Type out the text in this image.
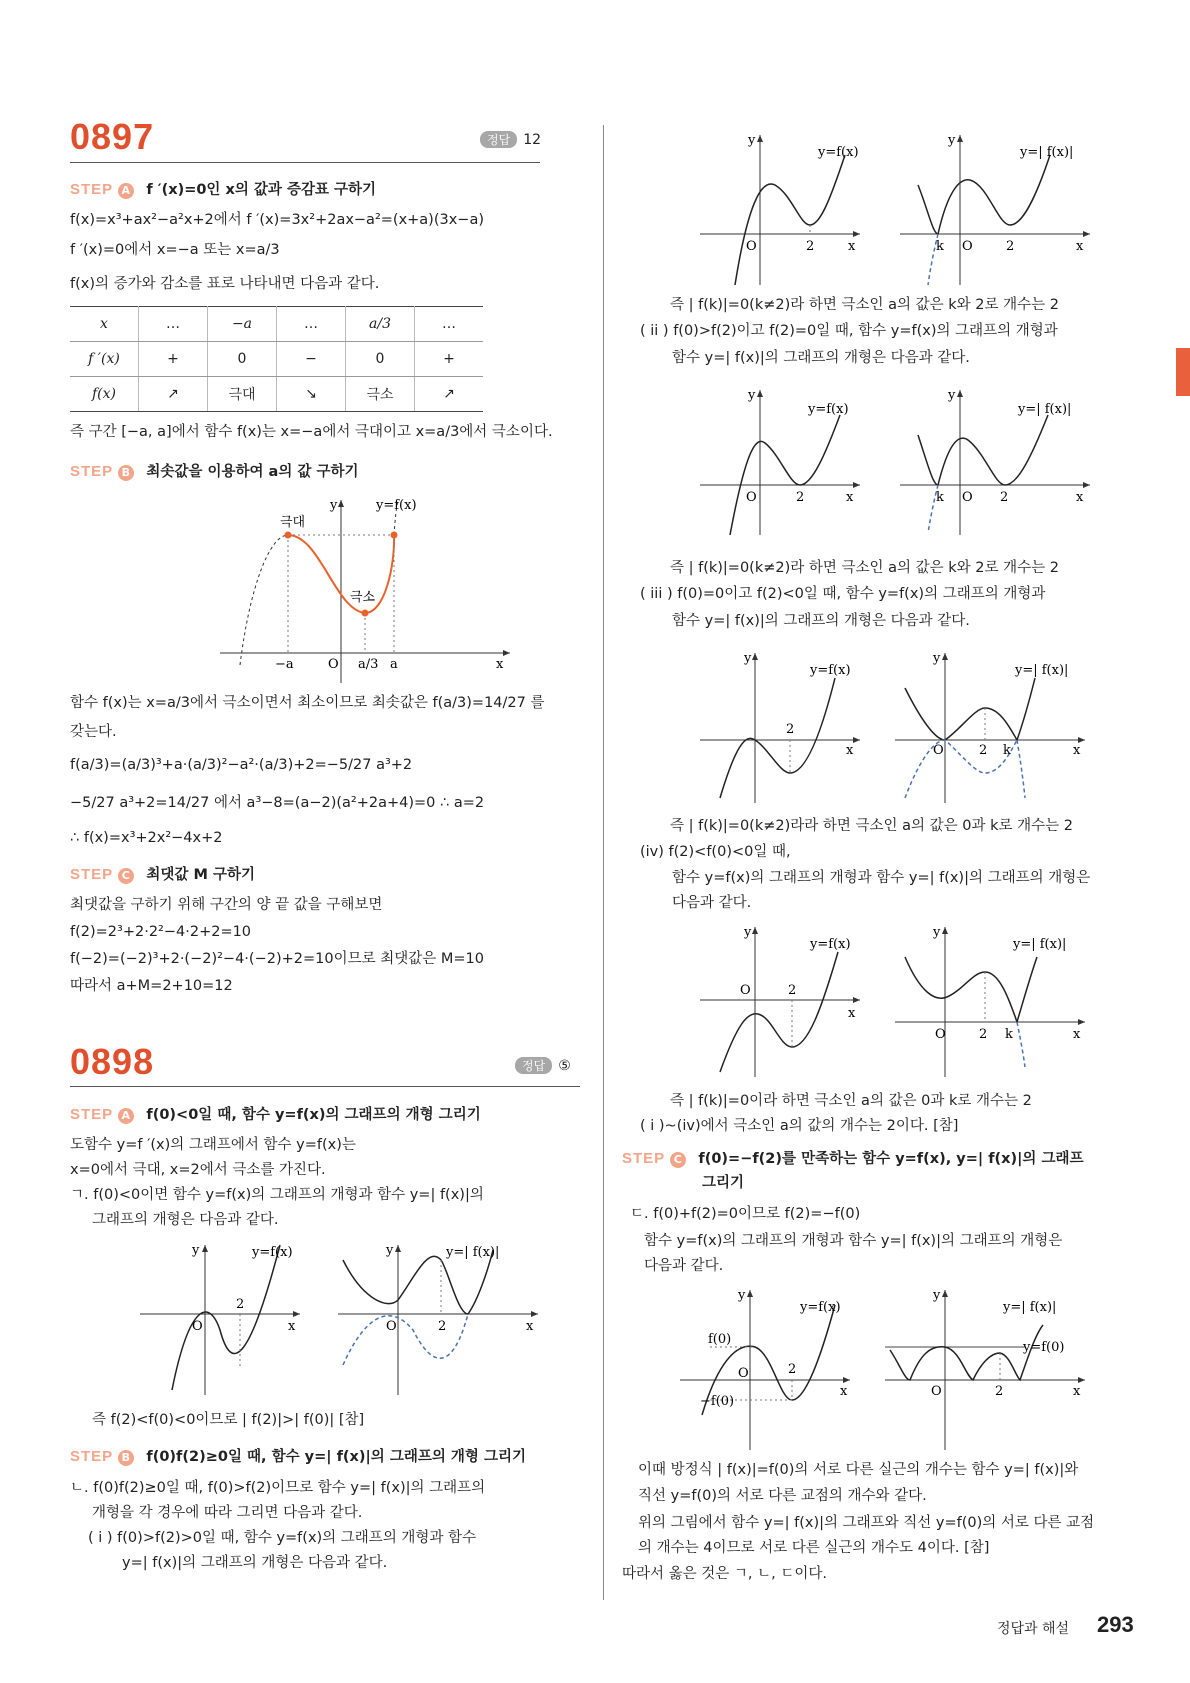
0897	정답 12
STEP A f ′(x)=0인 x의 값과 증감표 구하기
f(x)=x³+ax²−a²x+2에서 f ′(x)=3x²+2ax−a²=(x+a)(3x−a)
f ′(x)=0에서 x=−a 또는 x=a/3
f(x)의 증가와 감소를 표로 나타내면 다음과 같다.
x	…	−a	…	a/3	…
f ′(x)	+	0	−	0	+
f(x)	↗	극대	↘	극소	↗
즉 구간 [−a, a]에서 함수 f(x)는 x=−a에서 극대이고 x=a/3에서 극소이다.
STEP B 최솟값을 이용하여 a의 값 구하기
극대
극소
y	y=f(x)
−a	O a/3 a	x
함수 f(x)는 x=a/3에서 극소이면서 최소이므로 최솟값은 f(a/3)=14/27 를
갖는다.
f(a/3)=(a/3)³+a·(a/3)²−a²·(a/3)+2=−5/27 a³+2
−5/27 a³+2=14/27 에서 a³−8=(a−2)(a²+2a+4)=0 ∴ a=2
∴ f(x)=x³+2x²−4x+2
STEP C 최댓값 M 구하기
최댓값을 구하기 위해 구간의 양 끝 값을 구해보면
f(2)=2³+2·2²−4·2+2=10
f(−2)=(−2)³+2·(−2)²−4·(−2)+2=10이므로 최댓값은 M=10
따라서 a+M=2+10=12
0898	정답 ⑤
STEP A f(0)<0일 때, 함수 y=f(x)의 그래프의 개형 그리기
도함수 y=f ′(x)의 그래프에서 함수 y=f(x)는
x=0에서 극대, x=2에서 극소를 가진다.
ㄱ. f(0)<0이면 함수 y=f(x)의 그래프의 개형과 함수 y=| f(x)|의
그래프의 개형은 다음과 같다.
y	y=f(x)
O
2
x
y	y=| f(x)|
O	2	x
즉 f(2)<f(0)<0이므로 | f(2)|>| f(0)| [참]
STEP B f(0)f(2)≥0일 때, 함수 y=| f(x)|의 그래프의 개형 그리기
ㄴ. f(0)f(2)≥0일 때, f(0)>f(2)이므로 함수 y=| f(x)|의 그래프의
개형을 각 경우에 따라 그리면 다음과 같다.
( i ) f(0)>f(2)>0일 때, 함수 y=f(x)의 그래프의 개형과 함수
y=| f(x)|의 그래프의 개형은 다음과 같다.
y
y=f(x)
O	2	x
y
y=| f(x)|
k O	2	x
즉 | f(k)|=0(k≠2)라 하면 극소인 a의 값은 k와 2로 개수는 2
( ii ) f(0)>f(2)이고 f(2)=0일 때, 함수 y=f(x)의 그래프의 개형과
함수 y=| f(x)|의 그래프의 개형은 다음과 같다.
y
y=f(x)
O	2	x
y
y=| f(x)|
k O 2	x
즉 | f(k)|=0(k≠2)라 하면 극소인 a의 값은 k와 2로 개수는 2
( iii ) f(0)=0이고 f(2)<0일 때, 함수 y=f(x)의 그래프의 개형과
함수 y=| f(x)|의 그래프의 개형은 다음과 같다.
y
y=f(x)
2
x
y
y=| f(x)|
O	2 k	x
즉 | f(k)|=0(k≠2)라라 하면 극소인 a의 값은 0과 k로 개수는 2
(iv) f(2)<f(0)<0일 때,
함수 y=f(x)의 그래프의 개형과 함수 y=| f(x)|의 그래프의 개형은
다음과 같다.
y
y=f(x)
O	2
x
y
y=| f(x)|
O	2 k	x
즉 | f(k)|=0이라 하면 극소인 a의 값은 0과 k로 개수는 2
( i )~(iv)에서 극소인 a의 값의 개수는 2이다. [참]
STEP C f(0)=−f(2)를 만족하는 함수 y=f(x), y=| f(x)|의 그래프
그리기
ㄷ. f(0)+f(2)=0이므로 f(2)=−f(0)
함수 y=f(x)의 그래프의 개형과 함수 y=| f(x)|의 그래프의 개형은
다음과 같다.
y
y=f(x)
f(0)
−f(0)
O	2
x
y
y=| f(x)|
y=f(0)
O	2	x
이때 방정식 | f(x)|=f(0)의 서로 다른 실근의 개수는 함수 y=| f(x)|와
직선 y=f(0)의 서로 다른 교점의 개수와 같다.
위의 그림에서 함수 y=| f(x)|의 그래프와 직선 y=f(0)의 서로 다른 교점
의 개수는 4이므로 서로 다른 실근의 개수도 4이다. [참]
따라서 옳은 것은 ㄱ, ㄴ, ㄷ이다.
정답과 해설 293
